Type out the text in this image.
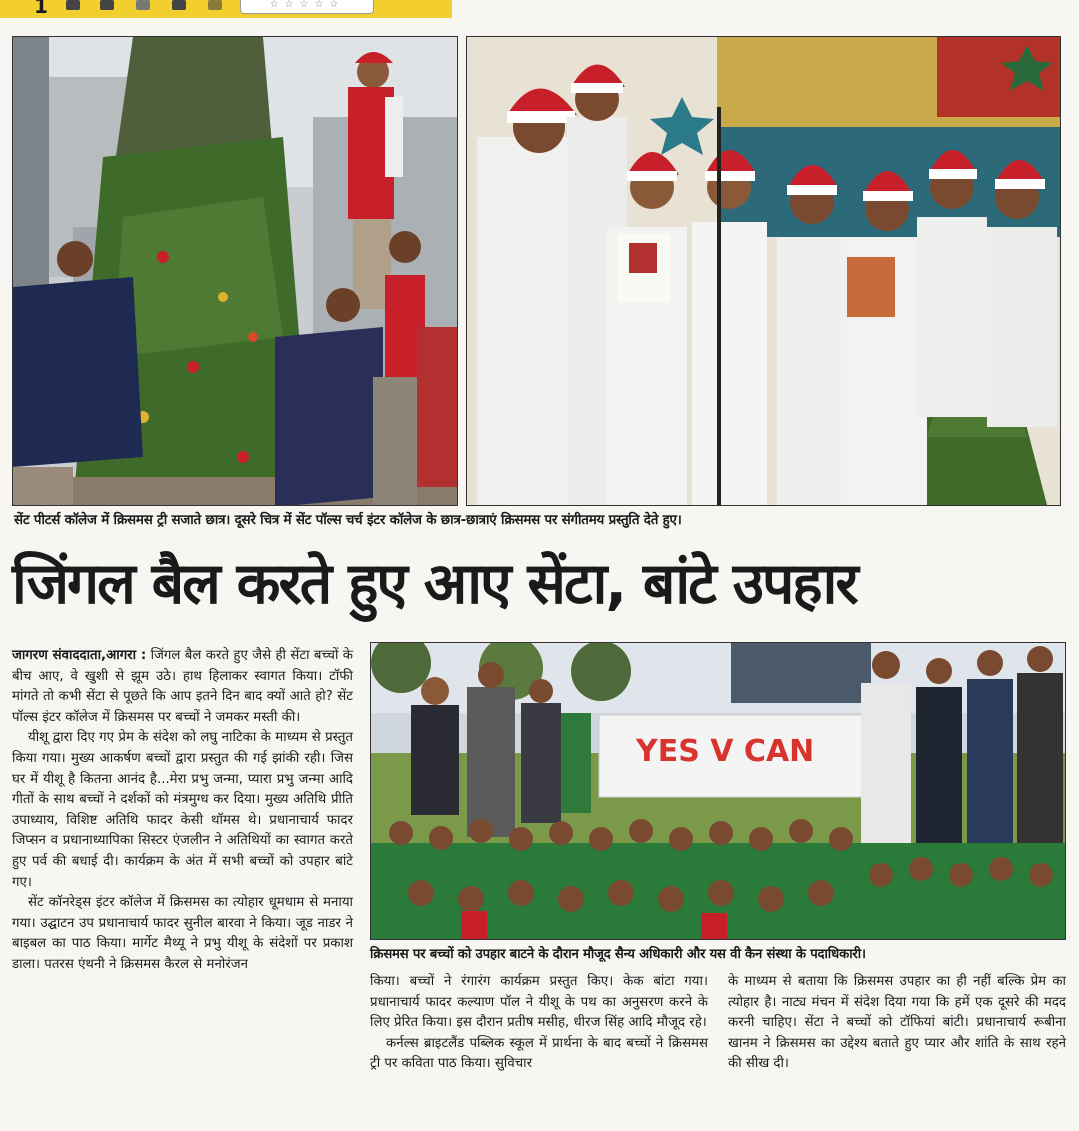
1	☆☆☆☆☆
सेंट पीटर्स कॉलेज में क्रिसमस ट्री सजाते छात्र। दूसरे चित्र में सेंट पॉल्स चर्च इंटर कॉलेज के छात्र-छात्राएं क्रिसमस पर संगीतमय प्रस्तुति देते हुए।
जिंगल बैल करते हुए आए सेंटा, बांटे उपहार

जागरण संवाददाता,आगरा : जिंगल बैल करते हुए जैसे ही सेंटा बच्चों के बीच आए, वे खुशी से झूम उठे। हाथ हिलाकर स्वागत किया। टॉफी मांगते तो कभी सेंटा से पूछते कि आप इतने दिन बाद क्यों आते हो? सेंट पॉल्स इंटर कॉलेज में क्रिसमस पर बच्चों ने जमकर मस्ती की।

यीशू द्वारा दिए गए प्रेम के संदेश को लघु नाटिका के माध्यम से प्रस्तुत किया गया। मुख्य आकर्षण बच्चों द्वारा प्रस्तुत की गई झांकी रही। जिस घर में यीशू है कितना आनंद है...मेरा प्रभु जन्मा, प्यारा प्रभु जन्मा आदि गीतों के साथ बच्चों ने दर्शकों को मंत्रमुग्ध कर दिया। मुख्य अतिथि प्रीति उपाध्याय, विशिष्ट अतिथि फादर केसी थॉमस थे। प्रधानाचार्य फादर जिप्सन व प्रधानाध्यापिका सिस्टर एंजलीन ने अतिथियों का स्वागत करते हुए पर्व की बधाई दी। कार्यक्रम के अंत में सभी बच्चों को उपहार बांटे गए।

सेंट कॉनरेड्स इंटर कॉलेज में क्रिसमस का त्योहार धूमधाम से मनाया गया। उद्घाटन उप प्रधानाचार्य फादर सुनील बारवा ने किया। जूड नाडर ने बाइबल का पाठ किया। मार्गेट मैथ्यू ने प्रभु यीशू के संदेशों पर प्रकाश डाला। पतरस एंथनी ने क्रिसमस कैरल से मनोरंजन

YES V CAN
क्रिसमस पर बच्चों को उपहार बाटने के दौरान मौजूद सैन्य अधिकारी और यस वी कैन संस्था के पदाधिकारी।

किया। बच्चों ने रंगारंग कार्यक्रम प्रस्तुत किए। केक बांटा गया। प्रधानाचार्य फादर कल्याण पॉल ने यीशू के पथ का अनुसरण करने के लिए प्रेरित किया। इस दौरान प्रतीष मसीह, धीरज सिंह आदि मौजूद रहे।

कर्नल्स ब्राइटलैंड पब्लिक स्कूल में प्रार्थना के बाद बच्चों ने क्रिसमस ट्री पर कविता पाठ किया। सुविचार

के माध्यम से बताया कि क्रिसमस उपहार का ही नहीं बल्कि प्रेम का त्योहार है। नाट्य मंचन में संदेश दिया गया कि हमें एक दूसरे की मदद करनी चाहिए। सेंटा ने बच्चों को टॉफियां बांटी। प्रधानाचार्य रूबीना खानम ने क्रिसमस का उद्देश्य बताते हुए प्यार और शांति के साथ रहने की सीख दी।
